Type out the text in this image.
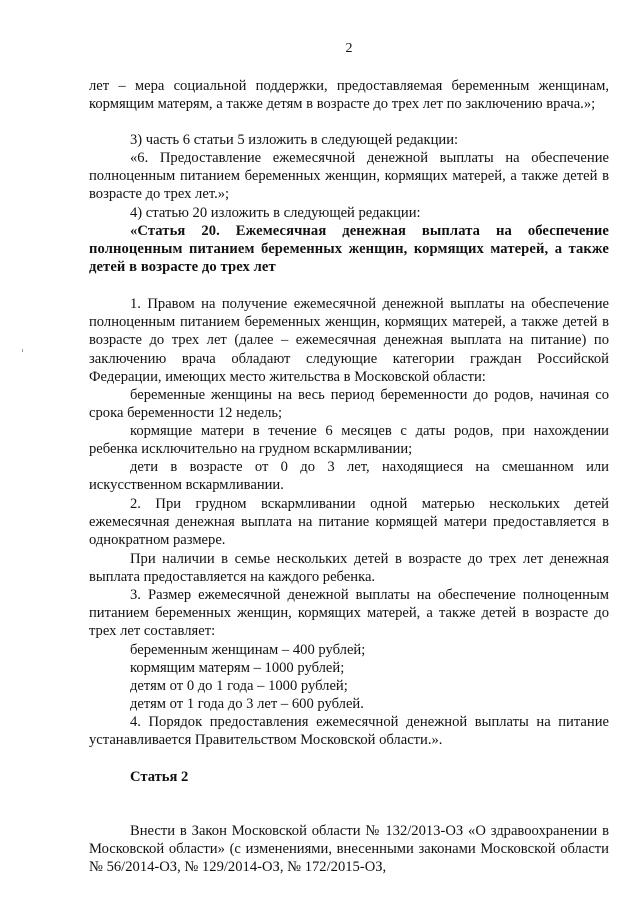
2

лет – мера социальной поддержки, предоставляемая беременным женщинам, кормящим матерям, а также детям в возрасте до трех лет по заключению врача.»;

3) часть 6 статьи 5 изложить в следующей редакции:

«6. Предоставление ежемесячной денежной выплаты на обеспечение полноценным питанием беременных женщин, кормящих матерей, а также детей в возрасте до трех лет.»;

4) статью 20 изложить в следующей редакции:

«Статья 20. Ежемесячная денежная выплата на обеспечение полноценным питанием беременных женщин, кормящих матерей, а также детей в возрасте до трех лет

1. Правом на получение ежемесячной денежной выплаты на обеспечение полноценным питанием беременных женщин, кормящих матерей, а также детей в возрасте до трех лет (далее – ежемесячная денежная выплата на питание) по заключению врача обладают следующие категории граждан Российской Федерации, имеющих место жительства в Московской области:

беременные женщины на весь период беременности до родов, начиная со срока беременности 12 недель;

кормящие матери в течение 6 месяцев с даты родов, при нахождении ребенка исключительно на грудном вскармливании;

дети в возрасте от 0 до 3 лет, находящиеся на смешанном или искусственном вскармливании.

2. При грудном вскармливании одной матерью нескольких детей ежемесячная денежная выплата на питание кормящей матери предоставляется в однократном размере.

При наличии в семье нескольких детей в возрасте до трех лет денежная выплата предоставляется на каждого ребенка.

3. Размер ежемесячной денежной выплаты на обеспечение полноценным питанием беременных женщин, кормящих матерей, а также детей в возрасте до трех лет составляет:

беременным женщинам – 400 рублей;

кормящим матерям – 1000 рублей;

детям от 0 до 1 года – 1000 рублей;

детям от 1 года до 3 лет – 600 рублей.

4. Порядок предоставления ежемесячной денежной выплаты на питание устанавливается Правительством Московской области.».

Статья 2

Внести в Закон Московской области № 132/2013-ОЗ «О здравоохранении в Московской области» (с изменениями, внесенными законами Московской области № 56/2014-ОЗ, № 129/2014-ОЗ, № 172/2015-ОЗ,
